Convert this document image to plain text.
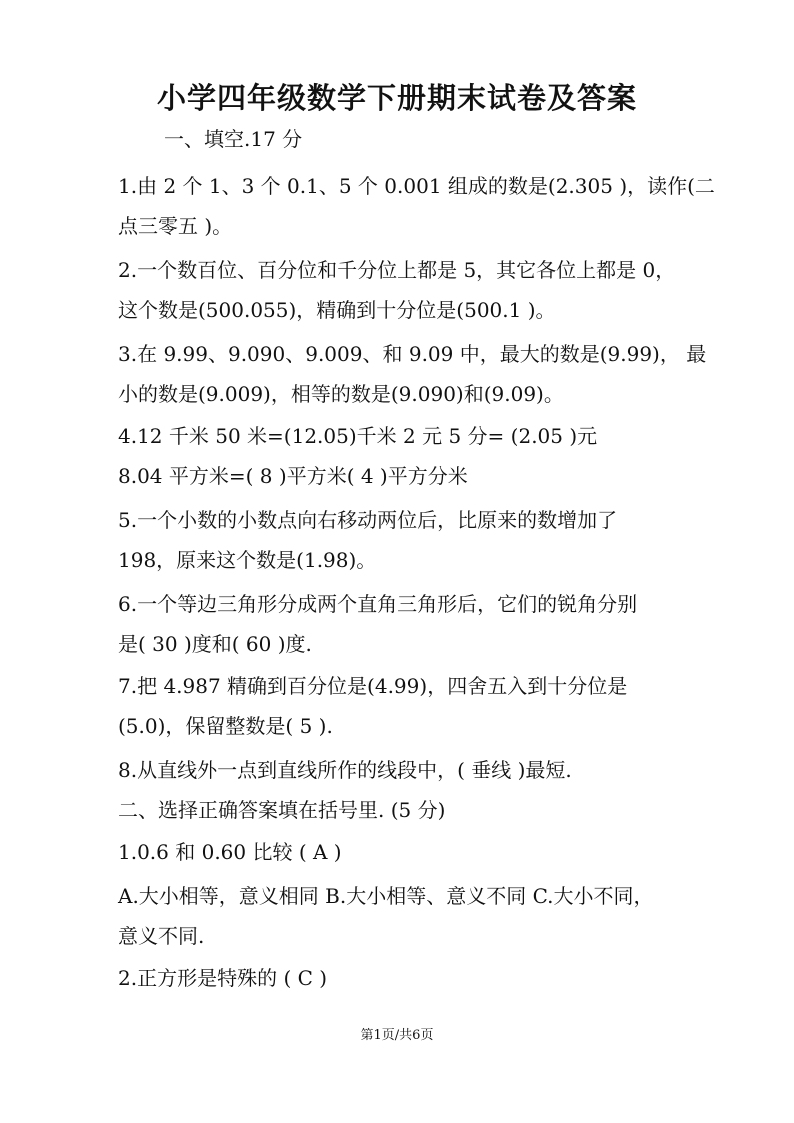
小学四年级数学下册期末试卷及答案
一、填空.17 分
1.由 2 个 1、3 个 0.1、5 个 0.001 组成的数是(2.305 )，读作(二
点三零五 )。
2.一个数百位、百分位和千分位上都是 5，其它各位上都是 0，
这个数是(500.055)，精确到十分位是(500.1 )。
3.在 9.99、9.090、9.009、和 9.09 中，最大的数是(9.99)， 最
小的数是(9.009)，相等的数是(9.090)和(9.09)。
4.12 千米 50 米=(12.05)千米 2 元 5 分= (2.05 )元
8.04 平方米=( 8 )平方米( 4 )平方分米
5.一个小数的小数点向右移动两位后，比原来的数增加了
198，原来这个数是(1.98)。
6.一个等边三角形分成两个直角三角形后，它们的锐角分别
是( 30 )度和( 60 )度.
7.把 4.987 精确到百分位是(4.99)，四舍五入到十分位是
(5.0)，保留整数是( 5 ).
8.从直线外一点到直线所作的线段中，( 垂线 )最短.
二、选择正确答案填在括号里. (5 分)
1.0.6 和 0.60 比较 ( A )
A.大小相等，意义相同 B.大小相等、意义不同 C.大小不同，
意义不同.
2.正方形是特殊的 ( C )
第1页/共6页
